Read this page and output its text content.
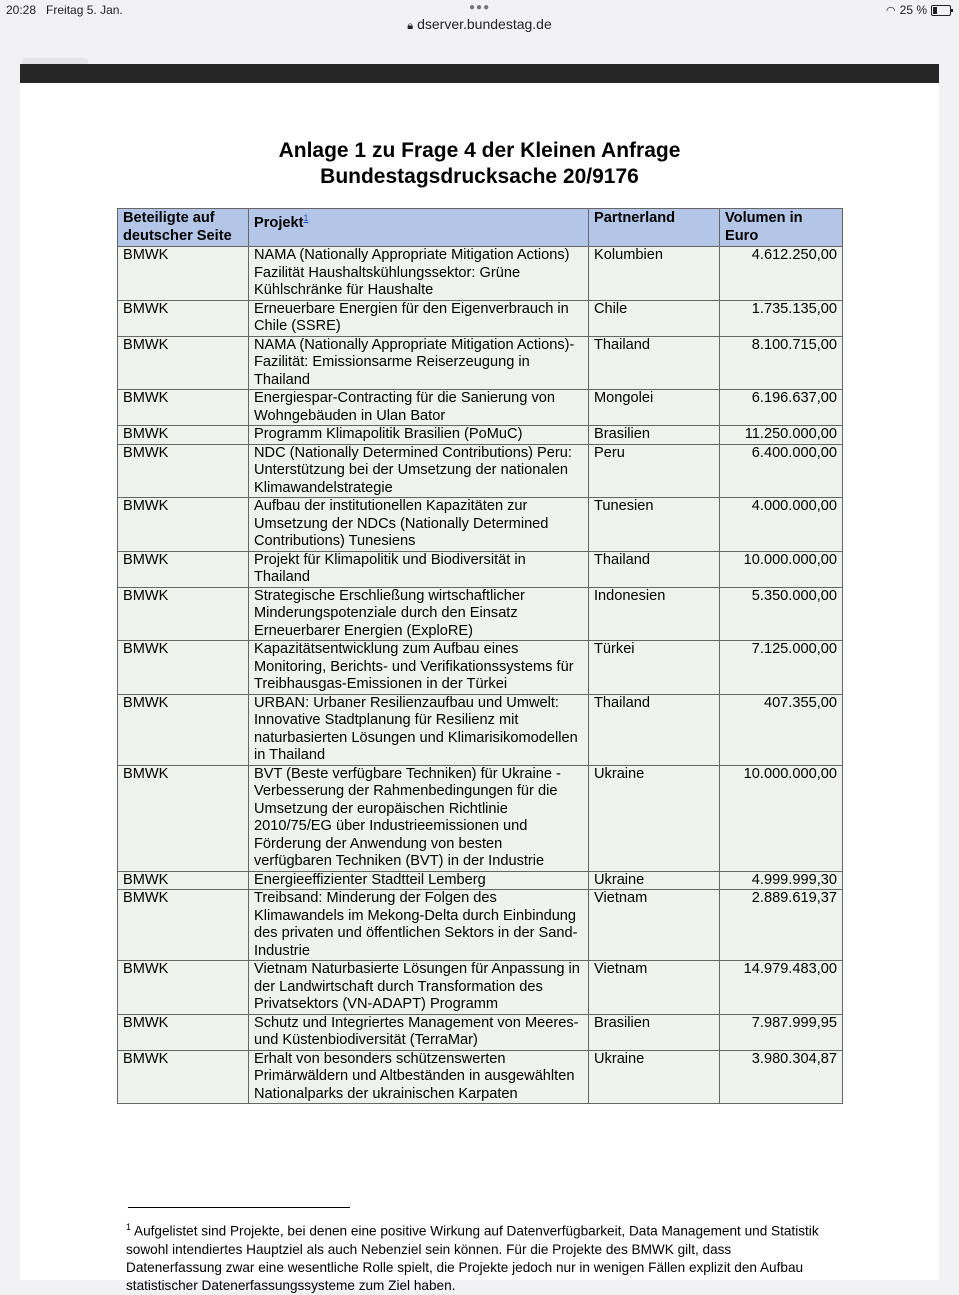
20:28 Freitag 5. Jan.	●●●	◠ 25 %
🔒︎ dserver.bundestag.de
Anlage 1 zu Frage 4 der Kleinen Anfrage
Bundestagsdrucksache 20/9176
Beteiligte auf deutscher Seite	Projekt$^1$	Partnerland	Volumen in Euro
BMWK	NAMA (Nationally Appropriate Mitigation Actions) Fazilität Haushaltskühlungssektor: Grüne Kühlschränke für Haushalte	Kolumbien	4.612.250,00
BMWK	Erneuerbare Energien für den Eigenverbrauch in Chile (SSRE)	Chile	1.735.135,00
BMWK	NAMA (Nationally Appropriate Mitigation Actions)-Fazilität: Emissionsarme Reiserzeugung in Thailand	Thailand	8.100.715,00
BMWK	Energiespar-Contracting für die Sanierung von Wohngebäuden in Ulan Bator	Mongolei	6.196.637,00
BMWK	Programm Klimapolitik Brasilien (PoMuC)	Brasilien	11.250.000,00
BMWK	NDC (Nationally Determined Contributions) Peru: Unterstützung bei der Umsetzung der nationalen Klimawandelstrategie	Peru	6.400.000,00
BMWK	Aufbau der institutionellen Kapazitäten zur Umsetzung der NDCs (Nationally Determined Contributions) Tunesiens	Tunesien	4.000.000,00
BMWK	Projekt für Klimapolitik und Biodiversität in Thailand	Thailand	10.000.000,00
BMWK	Strategische Erschließung wirtschaftlicher Minderungspotenziale durch den Einsatz Erneuerbarer Energien (ExploRE)	Indonesien	5.350.000,00
BMWK	Kapazitätsentwicklung zum Aufbau eines Monitoring, Berichts- und Verifikationssystems für Treibhausgas-Emissionen in der Türkei	Türkei	7.125.000,00
BMWK	URBAN: Urbaner Resilienzaufbau und Umwelt: Innovative Stadtplanung für Resilienz mit naturbasierten Lösungen und Klimarisikomodellen in Thailand	Thailand	407.355,00
BMWK	BVT (Beste verfügbare Techniken) für Ukraine - Verbesserung der Rahmenbedingungen für die Umsetzung der europäischen Richtlinie 2010/75/EG über Industrieemissionen und Förderung der Anwendung von besten verfügbaren Techniken (BVT) in der Industrie	Ukraine	10.000.000,00
BMWK	Energieeffizienter Stadtteil Lemberg	Ukraine	4.999.999,30
BMWK	Treibsand: Minderung der Folgen des Klimawandels im Mekong-Delta durch Einbindung des privaten und öffentlichen Sektors in der Sand-Industrie	Vietnam	2.889.619,37
BMWK	Vietnam Naturbasierte Lösungen für Anpassung in der Landwirtschaft durch Transformation des Privatsektors (VN-ADAPT) Programm	Vietnam	14.979.483,00
BMWK	Schutz und Integriertes Management von Meeres- und Küstenbiodiversität (TerraMar)	Brasilien	7.987.999,95
BMWK	Erhalt von besonders schützenswerten Primärwäldern und Altbeständen in ausgewählten Nationalparks der ukrainischen Karpaten	Ukraine	3.980.304,87
$^1$ Aufgelistet sind Projekte, bei denen eine positive Wirkung auf Datenverfügbarkeit, Data Management und Statistik sowohl intendiertes Hauptziel als auch Nebenziel sein können. Für die Projekte des BMWK gilt, dass Datenerfassung zwar eine wesentliche Rolle spielt, die Projekte jedoch nur in wenigen Fällen explizit den Aufbau statistischer Datenerfassungssysteme zum Ziel haben.
